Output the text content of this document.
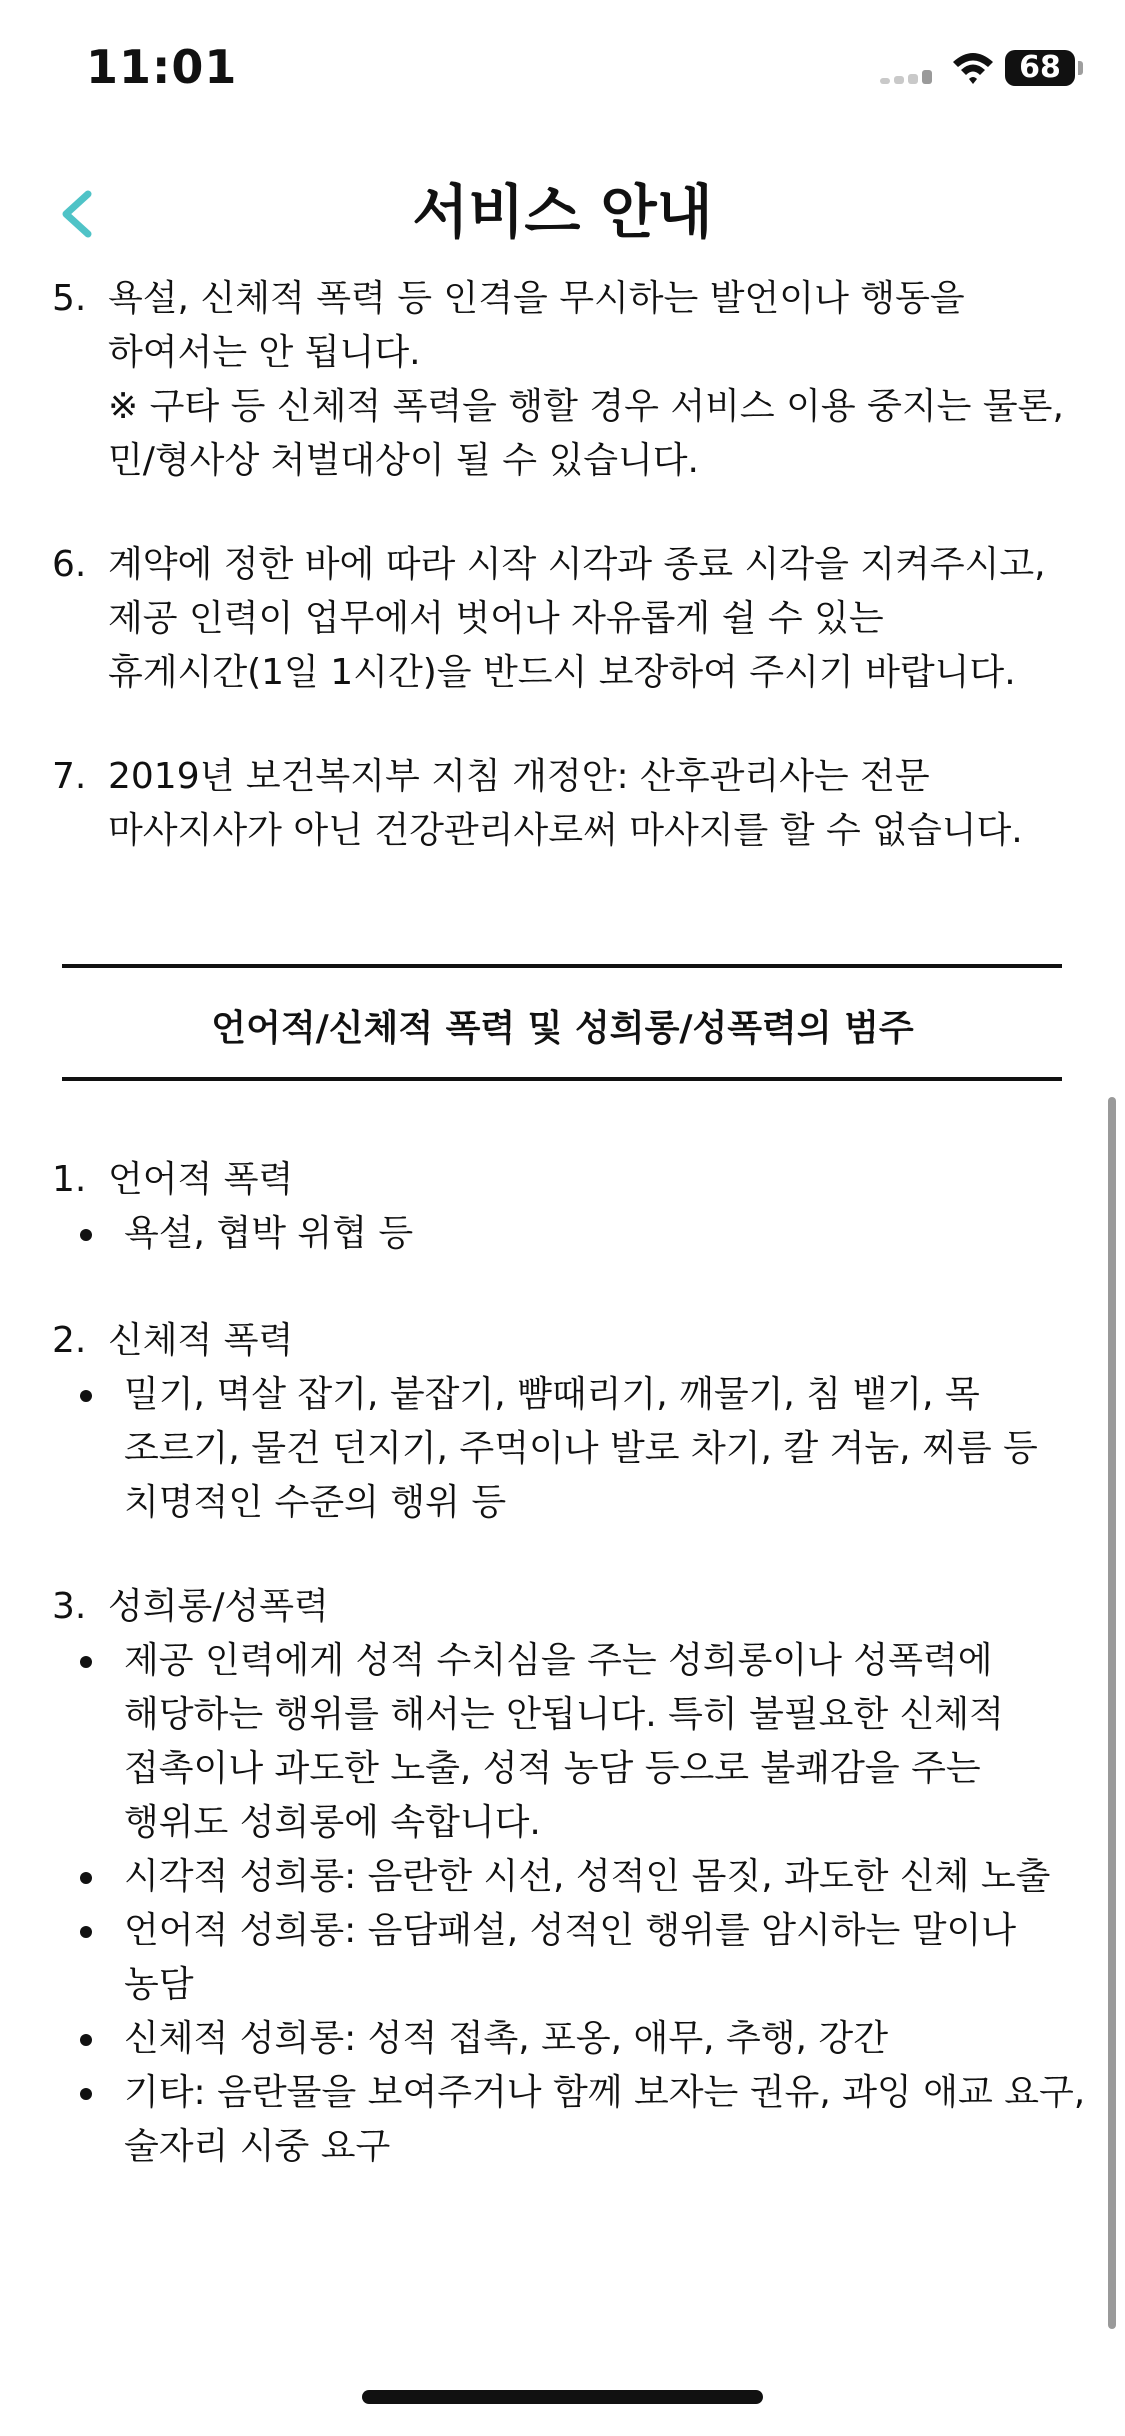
11:01	68
서비스 안내
5. 욕설, 신체적 폭력 등 인격을 무시하는 발언이나 행동을
하여서는 안 됩니다.
※ 구타 등 신체적 폭력을 행할 경우 서비스 이용 중지는 물론,
민/형사상 처벌대상이 될 수 있습니다.
6. 계약에 정한 바에 따라 시작 시각과 종료 시각을 지켜주시고,
제공 인력이 업무에서 벗어나 자유롭게 쉴 수 있는
휴게시간(1일 1시간)을 반드시 보장하여 주시기 바랍니다.
7. 2019년 보건복지부 지침 개정안: 산후관리사는 전문
마사지사가 아닌 건강관리사로써 마사지를 할 수 없습니다.
언어적/신체적 폭력 및 성희롱/성폭력의 범주
1. 언어적 폭력
욕설, 협박 위협 등
2. 신체적 폭력
밀기, 멱살 잡기, 붙잡기, 뺨때리기, 깨물기, 침 뱉기, 목
조르기, 물건 던지기, 주먹이나 발로 차기, 칼 겨눔, 찌름 등
치명적인 수준의 행위 등
3. 성희롱/성폭력
제공 인력에게 성적 수치심을 주는 성희롱이나 성폭력에
해당하는 행위를 해서는 안됩니다. 특히 불필요한 신체적
접촉이나 과도한 노출, 성적 농담 등으로 불쾌감을 주는
행위도 성희롱에 속합니다.
시각적 성희롱: 음란한 시선, 성적인 몸짓, 과도한 신체 노출
언어적 성희롱: 음담패설, 성적인 행위를 암시하는 말이나
농담
신체적 성희롱: 성적 접촉, 포옹, 애무, 추행, 강간
기타: 음란물을 보여주거나 함께 보자는 권유, 과잉 애교 요구,
술자리 시중 요구
